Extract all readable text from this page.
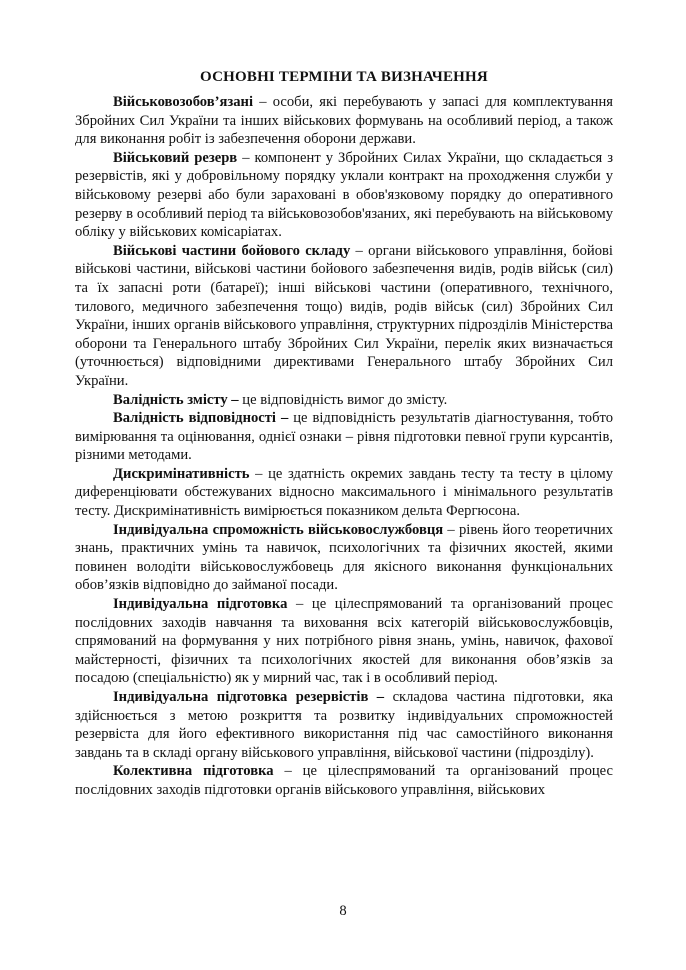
ОСНОВНІ ТЕРМІНИ ТА ВИЗНАЧЕННЯ

Військовозобов’язані – особи, які перебувають у запасі для комплектування Збройних Сил України та інших військових формувань на особливий період, а також для виконання робіт із забезпечення оборони держави.

Військовий резерв – компонент у Збройних Силах України, що складається з резервістів, які у добровільному порядку уклали контракт на проходження служби у військовому резерві або були зараховані в обов'язковому порядку до оперативного резерву в особливий період та військовозобов'язаних, які перебувають на військовому обліку у військових комісаріатах.

Військові частини бойового складу – органи військового управління, бойові військові частини, військові частини бойового забезпечення видів, родів військ (сил) та їх запасні роти (батареї); інші військові частини (оперативного, технічного, тилового, медичного забезпечення тощо) видів, родів військ (сил) Збройних Сил України, інших органів військового управління, структурних підрозділів Міністерства оборони та Генерального штабу Збройних Сил України, перелік яких визначається (уточнюється) відповідними директивами Генерального штабу Збройних Сил України.

Валідність змісту – це відповідність вимог до змісту.

Валідність відповідності – це відповідність результатів діагностування, тобто вимірювання та оцінювання, однієї ознаки – рівня підготовки певної групи курсантів, різними методами.

Дискримінативність – це здатність окремих завдань тесту та тесту в цілому диференціювати обстежуваних відносно максимального і мінімального результатів тесту. Дискримінативність вимірюється показником дельта Фергюсона.

Індивідуальна спроможність військовослужбовця – рівень його теоретичних знань, практичних умінь та навичок, психологічних та фізичних якостей, якими повинен володіти військовослужбовець для якісного виконання функціональних обов’язків відповідно до займаної посади.

Індивідуальна підготовка – це цілеспрямований та організований процес послідовних заходів навчання та виховання всіх категорій військовослужбовців, спрямований на формування у них потрібного рівня знань, умінь, навичок, фахової майстерності, фізичних та психологічних якостей для виконання обов’язків за посадою (спеціальністю) як у мирний час, так і в особливий період.

Індивідуальна підготовка резервістів – складова частина підготовки, яка здійснюється з метою розкриття та розвитку індивідуальних спроможностей резервіста для його ефективного використання під час самостійного виконання завдань та в складі органу військового управління, військової частини (підрозділу).

Колективна підготовка – це цілеспрямований та організований процес послідовних заходів підготовки органів військового управління, військових

8
